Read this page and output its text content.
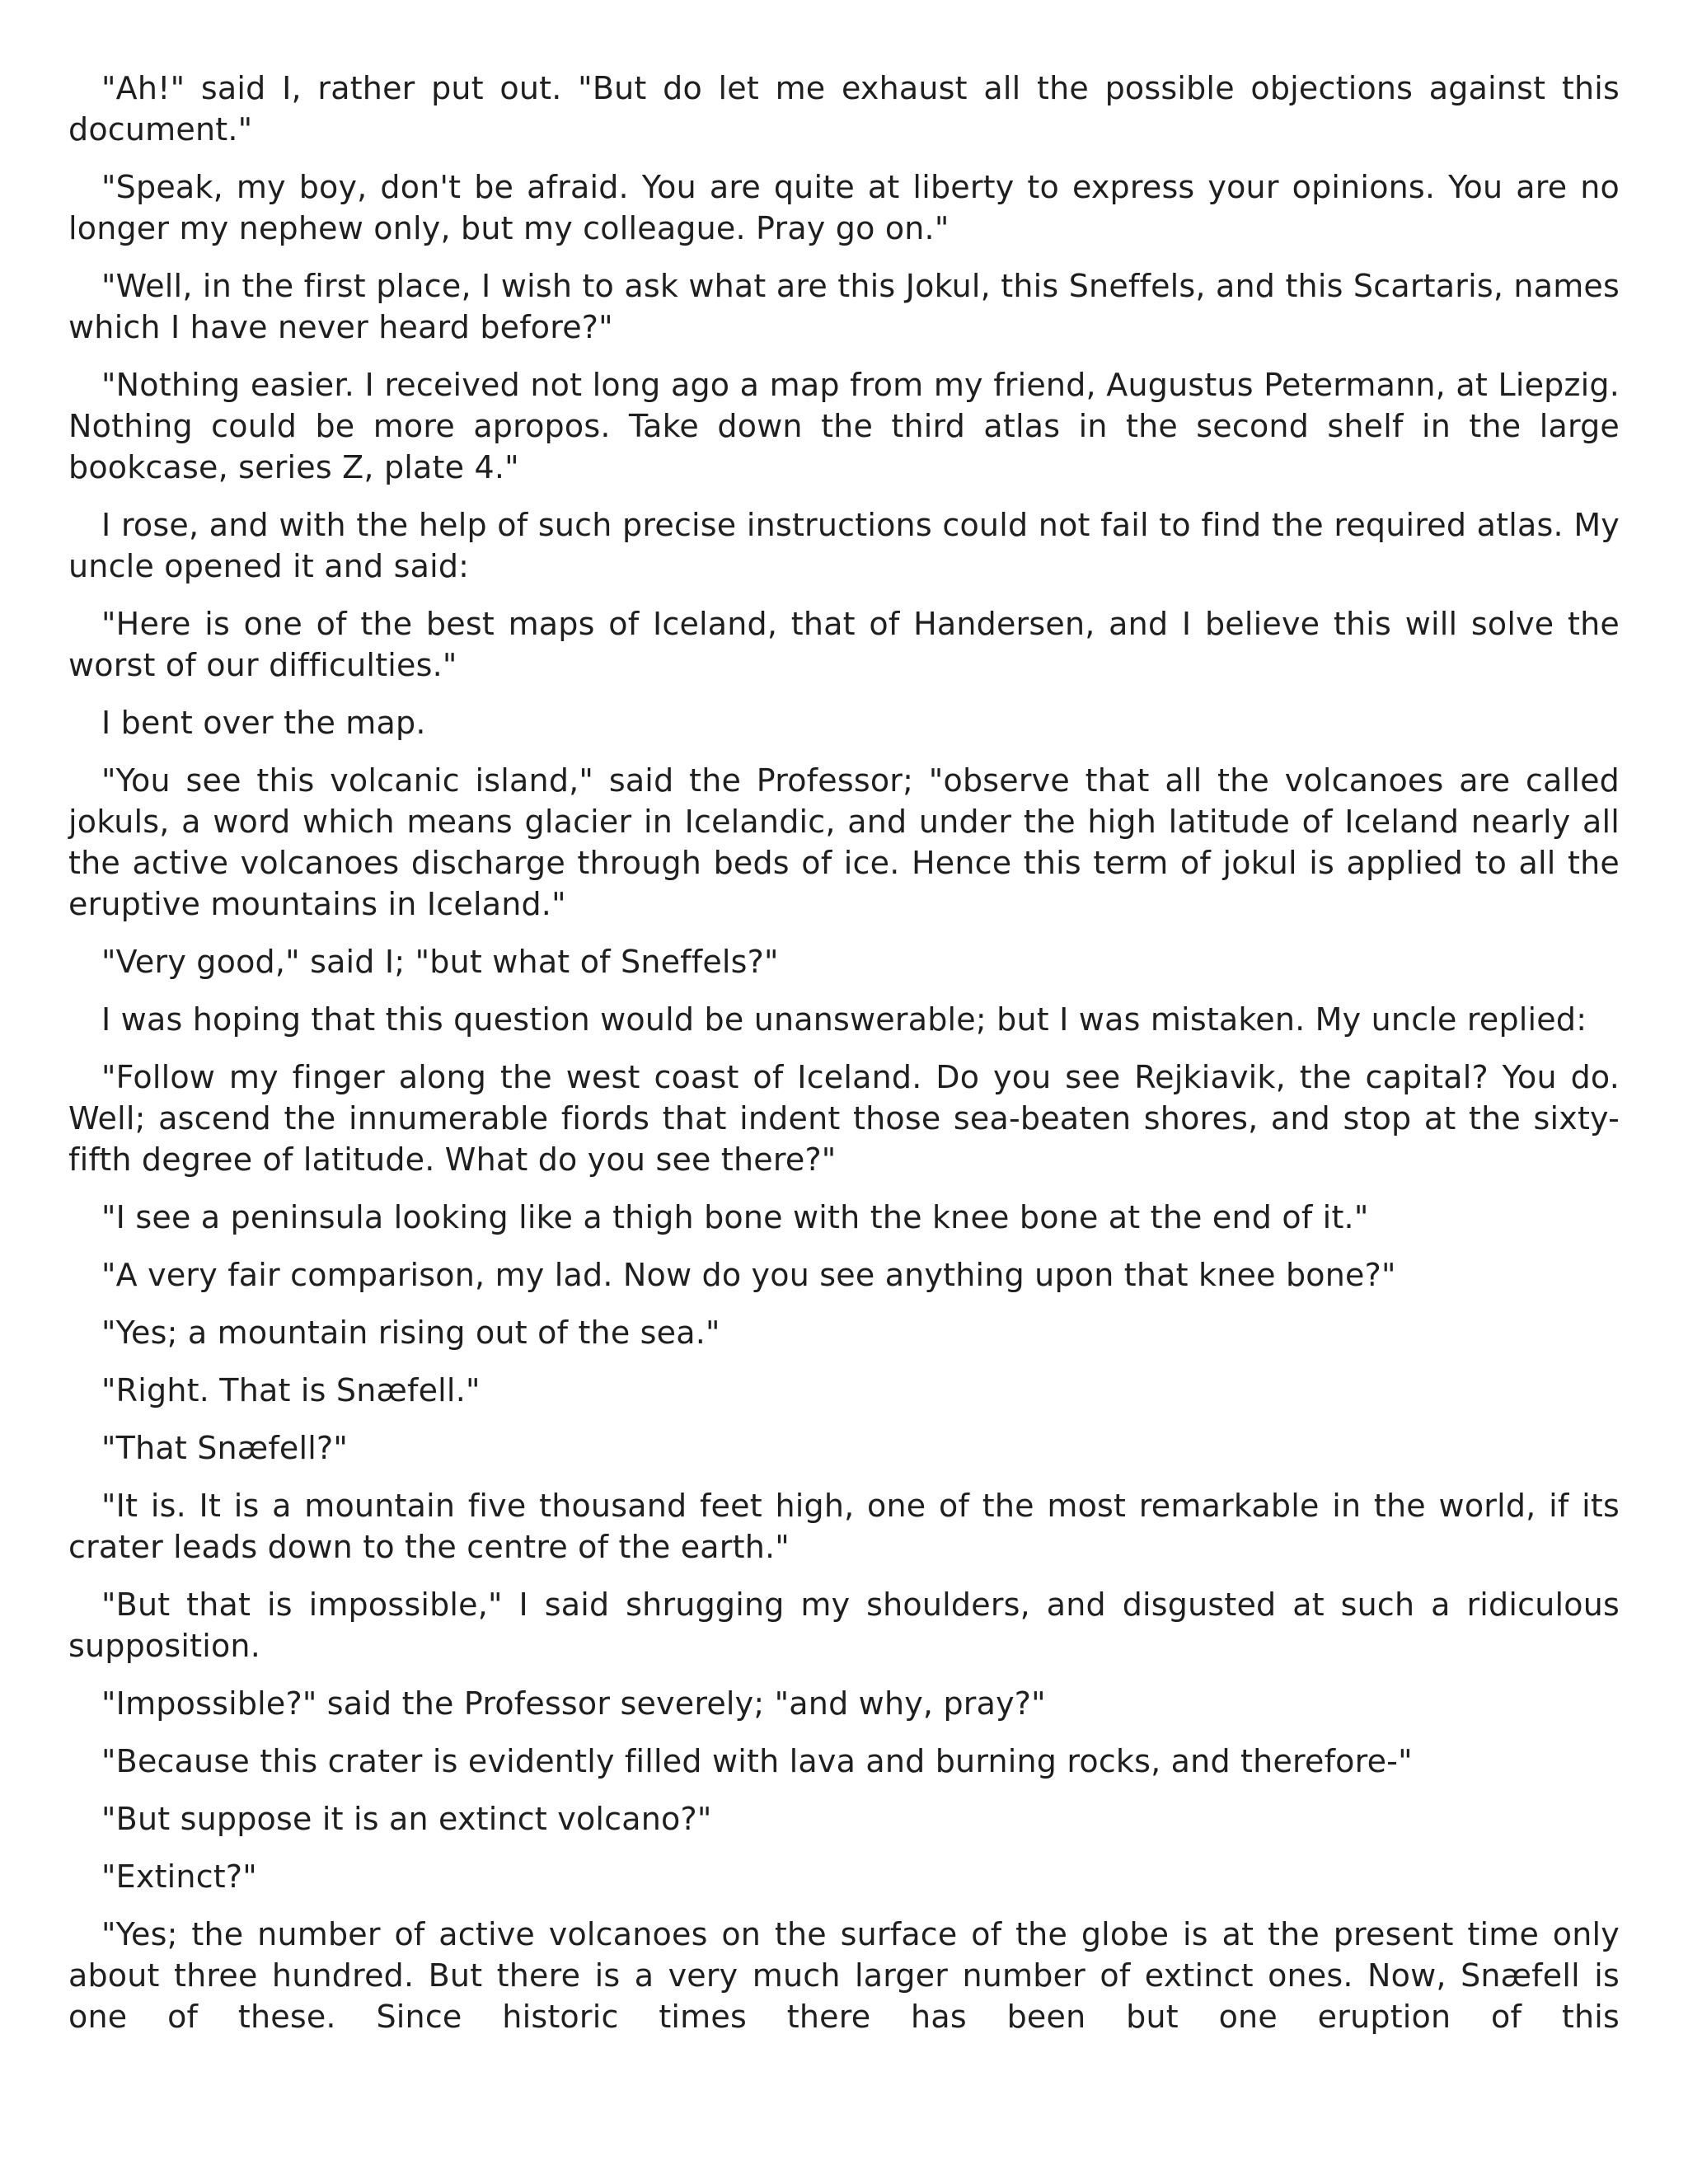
"Ah!" said I, rather put out. "But do let me exhaust all the possible objections against this document."

"Speak, my boy, don't be afraid. You are quite at liberty to express your opinions. You are no longer my nephew only, but my colleague. Pray go on."

"Well, in the first place, I wish to ask what are this Jokul, this Sneffels, and this Scartaris, names which I have never heard before?"

"Nothing easier. I received not long ago a map from my friend, Augustus Petermann, at Liepzig. Nothing could be more apropos. Take down the third atlas in the second shelf in the large bookcase, series Z, plate 4."

I rose, and with the help of such precise instructions could not fail to find the required atlas. My uncle opened it and said:

"Here is one of the best maps of Iceland, that of Handersen, and I believe this will solve the worst of our difficulties."

I bent over the map.

"You see this volcanic island," said the Professor; "observe that all the volcanoes are called jokuls, a word which means glacier in Icelandic, and under the high latitude of Iceland nearly all the active volcanoes discharge through beds of ice. Hence this term of jokul is applied to all the eruptive mountains in Iceland."

"Very good," said I; "but what of Sneffels?"

I was hoping that this question would be unanswerable; but I was mistaken. My uncle replied:

"Follow my finger along the west coast of Iceland. Do you see Rejkiavik, the capital? You do. Well; ascend the innumerable fiords that indent those sea-beaten shores, and stop at the sixty-fifth degree of latitude. What do you see there?"

"I see a peninsula looking like a thigh bone with the knee bone at the end of it."

"A very fair comparison, my lad. Now do you see anything upon that knee bone?"

"Yes; a mountain rising out of the sea."

"Right. That is Snæfell."

"That Snæfell?"

"It is. It is a mountain five thousand feet high, one of the most remarkable in the world, if its crater leads down to the centre of the earth."

"But that is impossible," I said shrugging my shoulders, and disgusted at such a ridiculous supposition.

"Impossible?" said the Professor severely; "and why, pray?"

"Because this crater is evidently filled with lava and burning rocks, and therefore-"

"But suppose it is an extinct volcano?"

"Extinct?"

"Yes; the number of active volcanoes on the surface of the globe is at the present time only about three hundred. But there is a very much larger number of extinct ones. Now, Snæfell is one of these. Since historic times there has been but one eruption of this
